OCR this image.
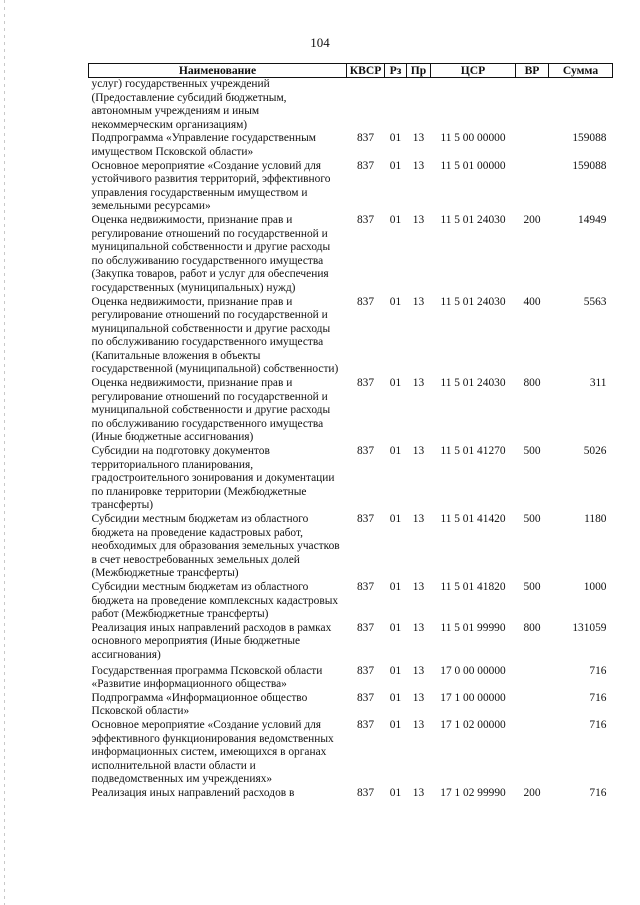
104
Наименование	КВСР	Рз	Пр	ЦСР	ВР	Сумма
услуг) государственных учреждений (Предоставление субсидий бюджетным, автономным учреждениям и иным некоммерческим организациям)						
Подпрограмма «Управление государственным имуществом Псковской области»	837	01	13	11 5 00 00000		159088
Основное мероприятие «Создание условий для устойчивого развития территорий, эффективного управления государственным имуществом и земельными ресурсами»	837	01	13	11 5 01 00000		159088
Оценка недвижимости, признание прав и регулирование отношений по государственной и муниципальной собственности и другие расходы по обслуживанию государственного имущества (Закупка товаров, работ и услуг для обеспечения государственных (муниципальных) нужд)	837	01	13	11 5 01 24030	200	14949
Оценка недвижимости, признание прав и регулирование отношений по государственной и муниципальной собственности и другие расходы по обслуживанию государственного имущества (Капитальные вложения в объекты государственной (муниципальной) собственности)	837	01	13	11 5 01 24030	400	5563
Оценка недвижимости, признание прав и регулирование отношений по государственной и муниципальной собственности и другие расходы по обслуживанию государственного имущества (Иные бюджетные ассигнования)	837	01	13	11 5 01 24030	800	311
Субсидии на подготовку документов территориального планирования, градостроительного зонирования и документации по планировке территории (Межбюджетные трансферты)	837	01	13	11 5 01 41270	500	5026
Субсидии местным бюджетам из областного бюджета на проведение кадастровых работ, необходимых для образования земельных участков в счет невостребованных земельных долей (Межбюджетные трансферты)	837	01	13	11 5 01 41420	500	1180
Субсидии местным бюджетам из областного бюджета на проведение комплексных кадастровых работ (Межбюджетные трансферты)	837	01	13	11 5 01 41820	500	1000
Реализация иных направлений расходов в рамках основного мероприятия (Иные бюджетные ассигнования)	837	01	13	11 5 01 99990	800	131059
Государственная программа Псковской области «Развитие информационного общества»	837	01	13	17 0 00 00000		716
Подпрограмма «Информационное общество Псковской области»	837	01	13	17 1 00 00000		716
Основное мероприятие «Создание условий для эффективного функционирования ведомственных информационных систем, имеющихся в органах исполнительной власти области и подведомственных им учреждениях»	837	01	13	17 1 02 00000		716
Реализация иных направлений расходов в	837	01	13	17 1 02 99990	200	716
